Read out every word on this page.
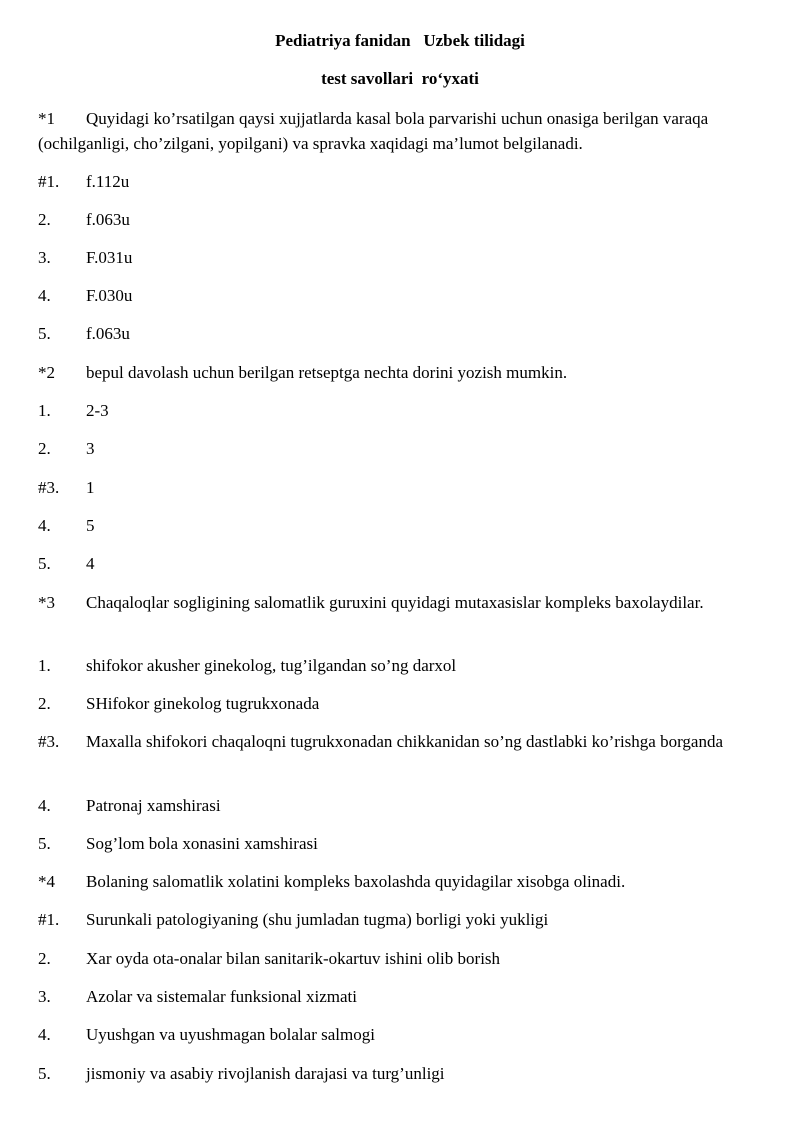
Pediatriya fanidan   Uzbek tilidagi
test savollari  ro‘yxati
*1 Quyidagi ko’rsatilgan qaysi xujjatlarda kasal bola parvarishi uchun onasiga berilgan varaqa (ochilganligi, cho’zilgani, yopilgani) va spravka xaqidagi ma’lumot belgilanadi.
#1. f.112u
2. f.063u
3. F.031u
4. F.030u
5. f.063u
*2 bepul davolash uchun berilgan retseptga nechta dorini yozish mumkin.
1. 2-3
2. 3
#3. 1
4. 5
5. 4
*3 Chaqaloqlar sogligining salomatlik guruxini quyidagi mutaxasislar kompleks baxolaydilar.
1. shifokor akusher ginekolog, tug’ilgandan so’ng darxol
2. SHifokor ginekolog tugrukxonada
#3. Maxalla shifokori chaqaloqni tugrukxonadan chikkanidan so’ng dastlabki ko’rishga borganda
4. Patronaj xamshirasi
5. Sog’lom bola xonasini xamshirasi
*4 Bolaning salomatlik xolatini kompleks baxolashda quyidagilar xisobga olinadi.
#1. Surunkali patologiyaning (shu jumladan tugma) borligi yoki yukligi
2. Xar oyda ota-onalar bilan sanitarik-okartuv ishini olib borish
3. Azolar va sistemalar funksional xizmati
4. Uyushgan va uyushmagan bolalar salmogi
5. jismoniy va asabiy rivojlanish darajasi va turg’unligi
